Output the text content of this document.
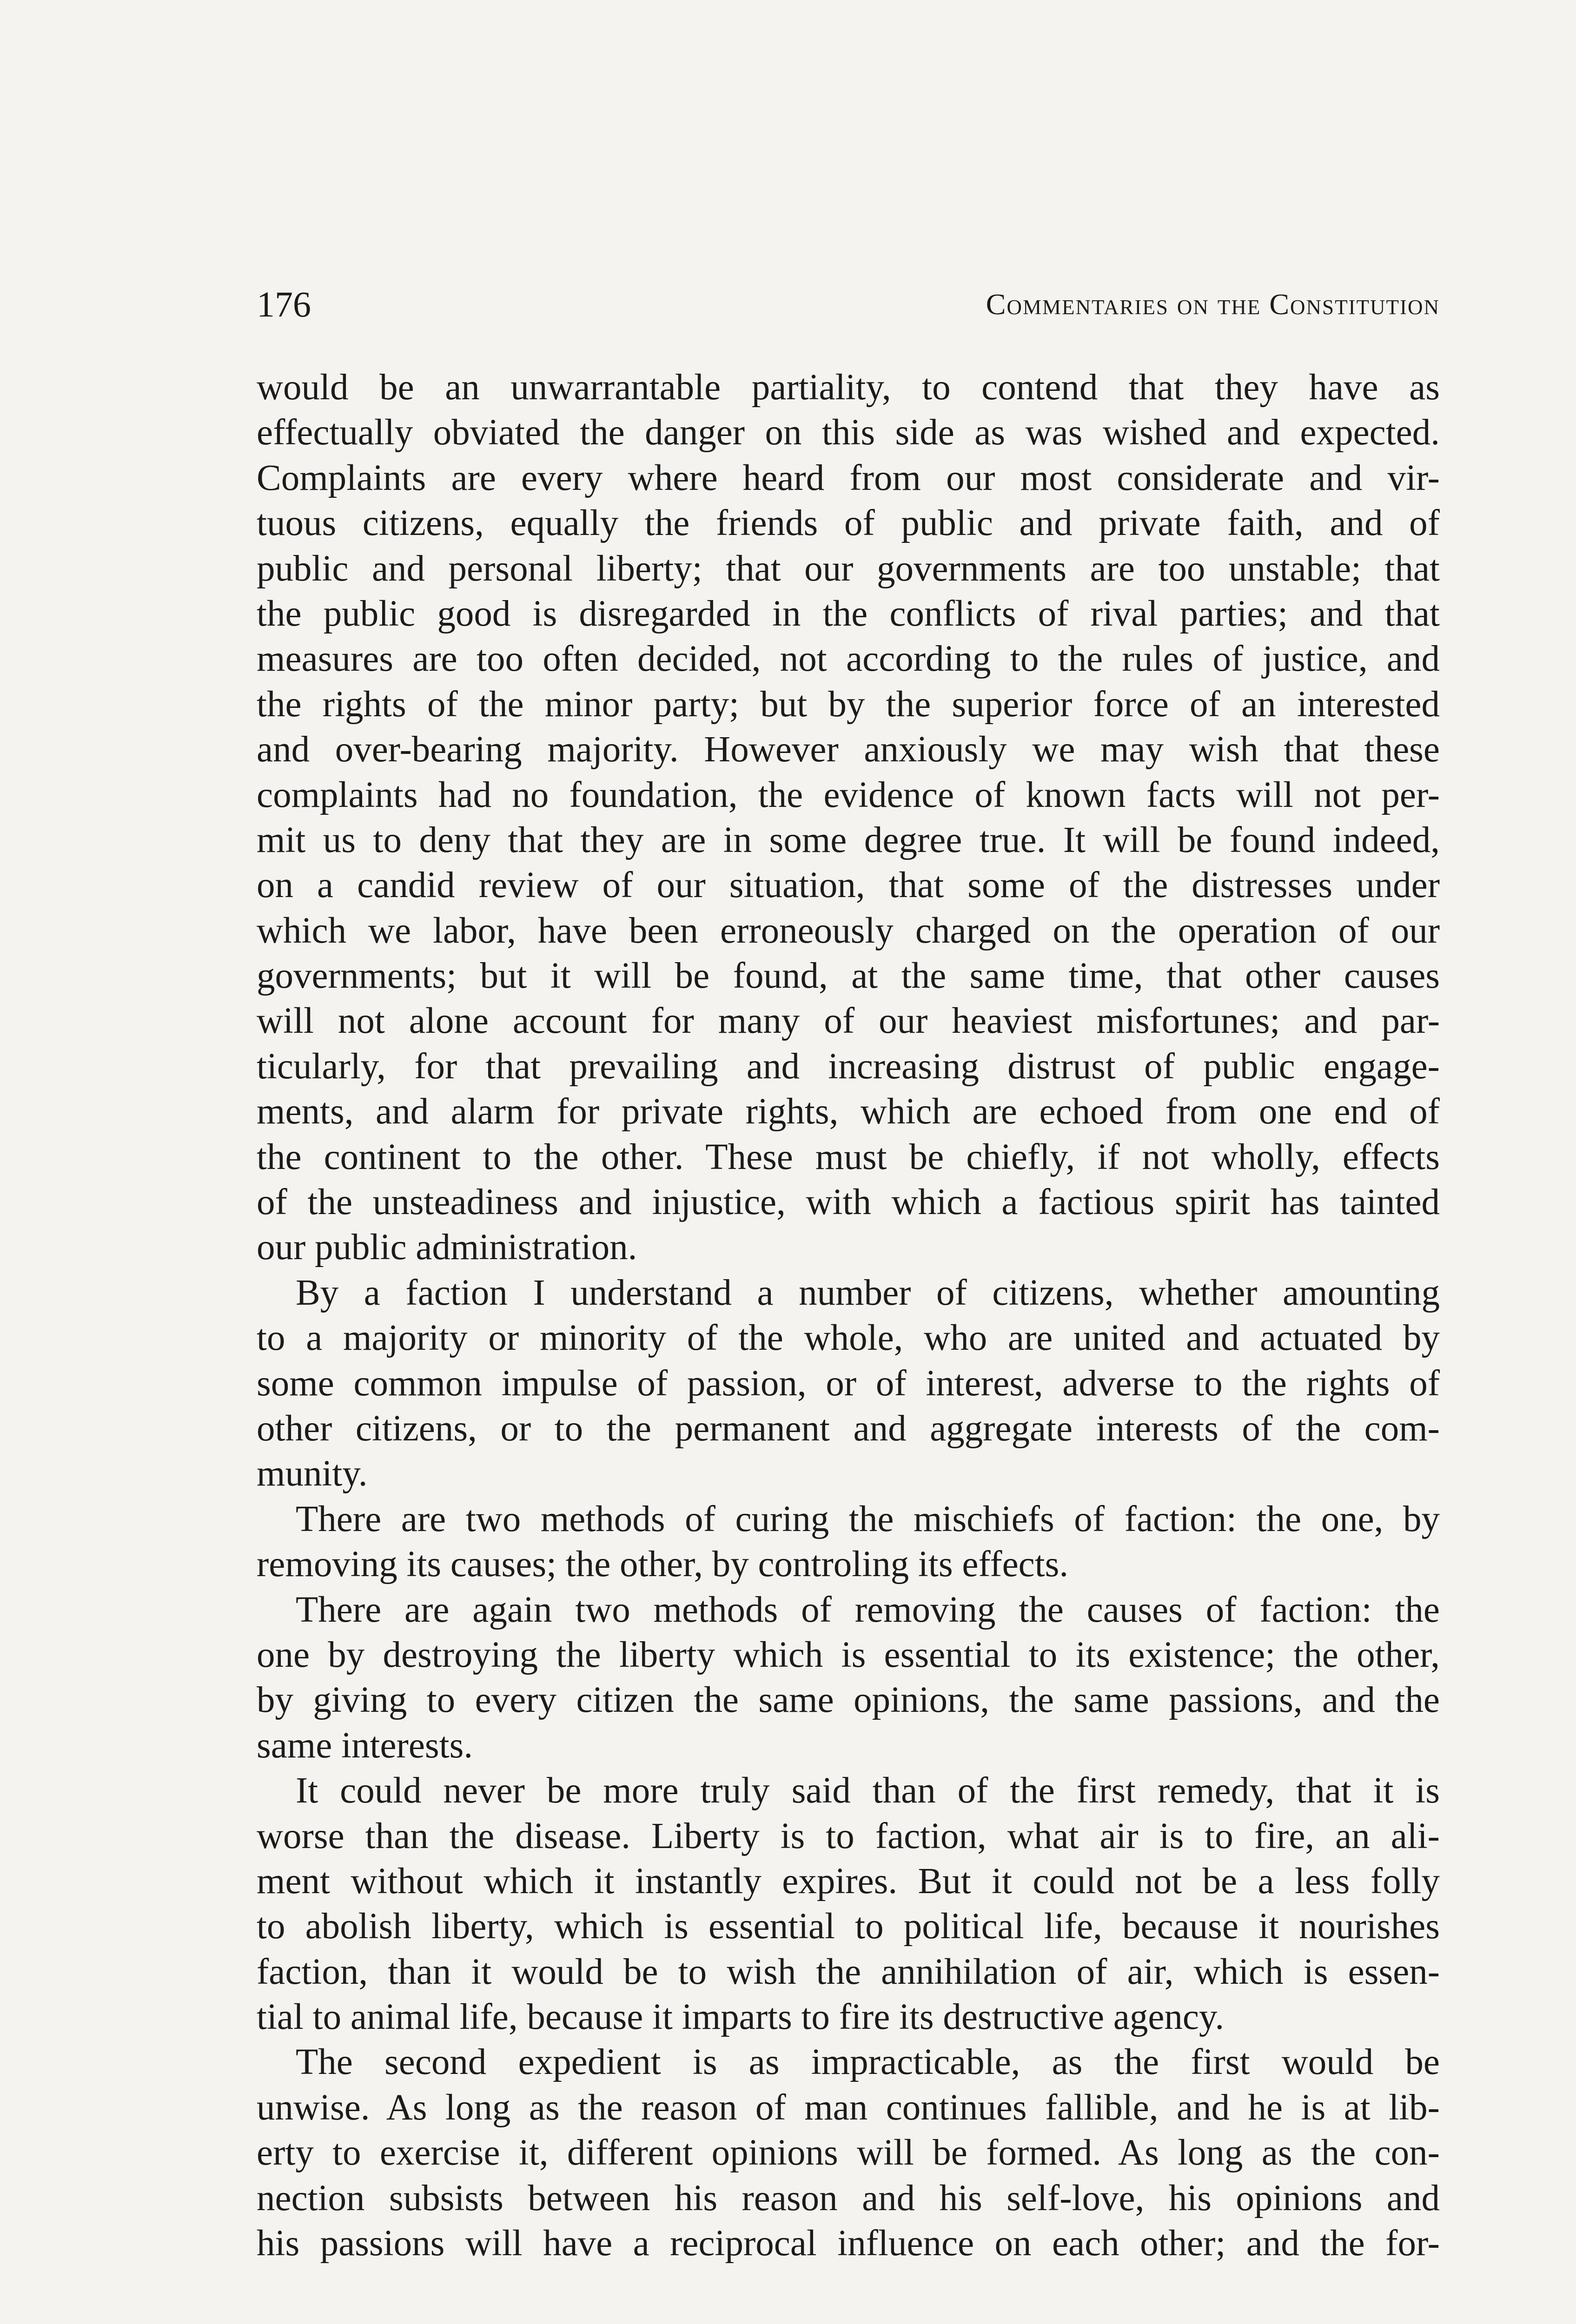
176	Commentaries on the Constitution
would be an unwarrantable partiality, to contend that they have as
effectually obviated the danger on this side as was wished and expected.
Complaints are every where heard from our most considerate and vir-
tuous citizens, equally the friends of public and private faith, and of
public and personal liberty; that our governments are too unstable; that
the public good is disregarded in the conflicts of rival parties; and that
measures are too often decided, not according to the rules of justice, and
the rights of the minor party; but by the superior force of an interested
and over-bearing majority. However anxiously we may wish that these
complaints had no foundation, the evidence of known facts will not per-
mit us to deny that they are in some degree true. It will be found indeed,
on a candid review of our situation, that some of the distresses under
which we labor, have been erroneously charged on the operation of our
governments; but it will be found, at the same time, that other causes
will not alone account for many of our heaviest misfortunes; and par-
ticularly, for that prevailing and increasing distrust of public engage-
ments, and alarm for private rights, which are echoed from one end of
the continent to the other. These must be chiefly, if not wholly, effects
of the unsteadiness and injustice, with which a factious spirit has tainted
our public administration.
By a faction I understand a number of citizens, whether amounting
to a majority or minority of the whole, who are united and actuated by
some common impulse of passion, or of interest, adverse to the rights of
other citizens, or to the permanent and aggregate interests of the com-
munity.
There are two methods of curing the mischiefs of faction: the one, by
removing its causes; the other, by controling its effects.
There are again two methods of removing the causes of faction: the
one by destroying the liberty which is essential to its existence; the other,
by giving to every citizen the same opinions, the same passions, and the
same interests.
It could never be more truly said than of the first remedy, that it is
worse than the disease. Liberty is to faction, what air is to fire, an ali-
ment without which it instantly expires. But it could not be a less folly
to abolish liberty, which is essential to political life, because it nourishes
faction, than it would be to wish the annihilation of air, which is essen-
tial to animal life, because it imparts to fire its destructive agency.
The second expedient is as impracticable, as the first would be
unwise. As long as the reason of man continues fallible, and he is at lib-
erty to exercise it, different opinions will be formed. As long as the con-
nection subsists between his reason and his self-love, his opinions and
his passions will have a reciprocal influence on each other; and the for-
